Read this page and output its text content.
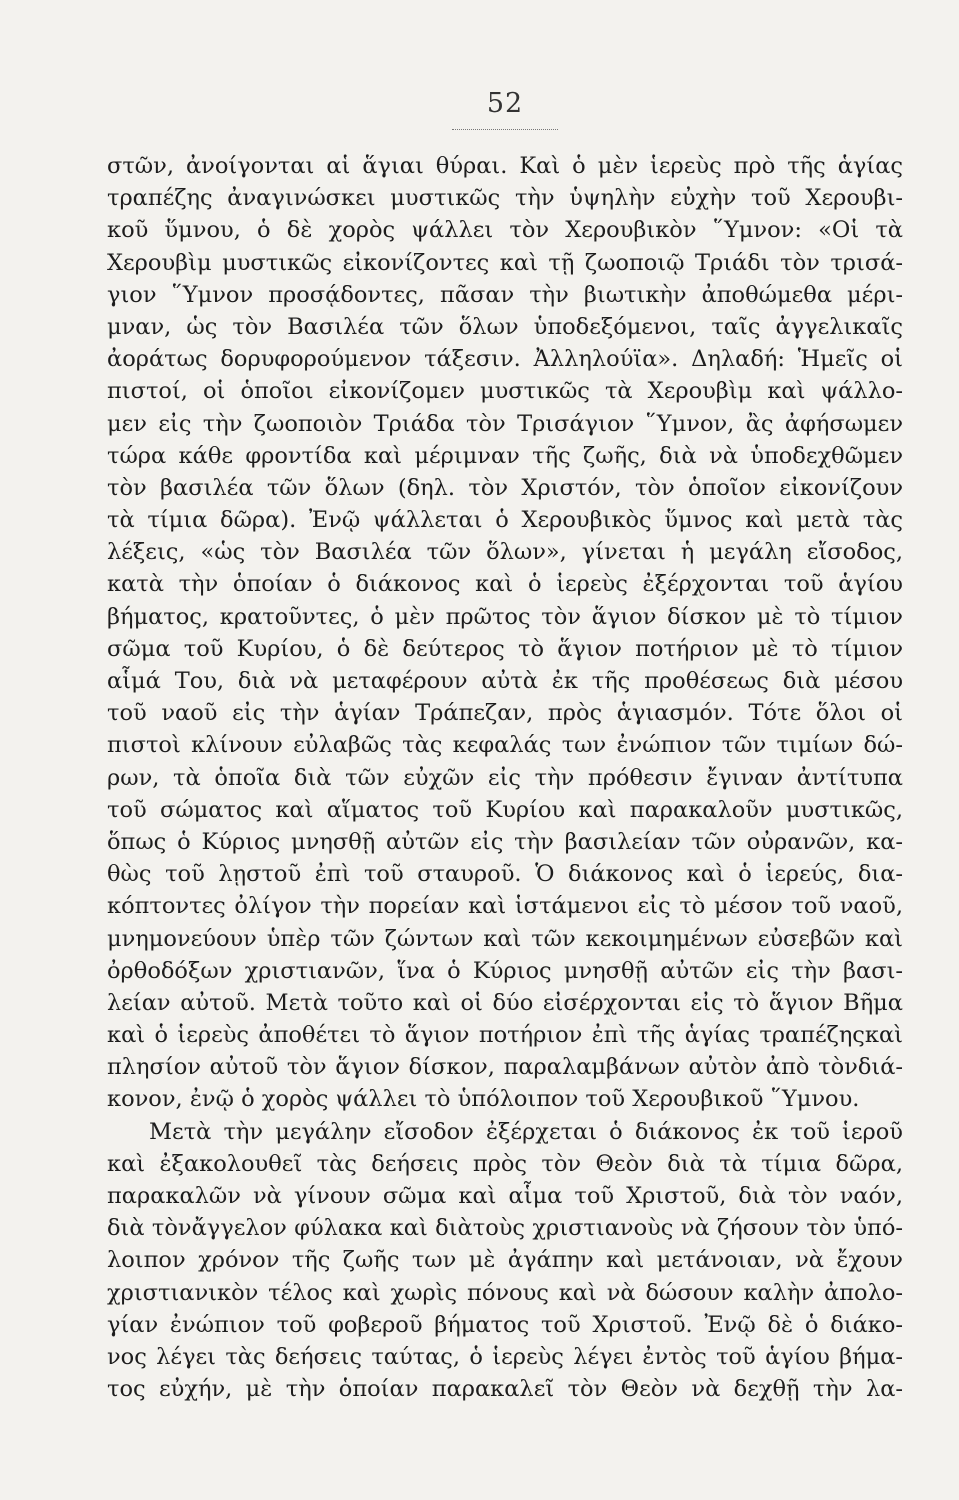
52
στῶν, ἀνοίγονται αἱ ἅγιαι θύραι. Καὶ ὁ μὲν ἱερεὺς πρὸ τῆς ἁγίας
τραπέζης ἀναγινώσκει μυστικῶς τὴν ὑψηλὴν εὐχὴν τοῦ Χερουβι-
κοῦ ὕμνου, ὁ δὲ χορὸς ψάλλει τὸν Χερουβικὸν ῞Υμνον: «Οἱ τὰ
Χερουβὶμ μυστικῶς εἰκονίζοντες καὶ τῇ ζωοποιῷ Τριάδι τὸν τρισά-
γιον ῞Υμνον προσᾴδοντες, πᾶσαν τὴν βιωτικὴν ἀποθώμεθα μέρι-
μναν, ὡς τὸν Βασιλέα τῶν ὅλων ὑποδεξόμενοι, ταῖς ἀγγελικαῖς
ἀοράτως δορυφορούμενον τάξεσιν. Ἀλληλούϊα». Δηλαδή: Ἡμεῖς οἱ
πιστοί, οἱ ὁποῖοι εἰκονίζομεν μυστικῶς τὰ Χερουβὶμ καὶ ψάλλο-
μεν εἰς τὴν ζωοποιὸν Τριάδα τὸν Τρισάγιον ῞Υμνον, ἂς ἀφήσωμεν
τώρα κάθε φροντίδα καὶ μέριμναν τῆς ζωῆς, διὰ νὰ ὑποδεχθῶμεν
τὸν βασιλέα τῶν ὅλων (δηλ. τὸν Χριστόν, τὸν ὁποῖον εἰκονίζουν
τὰ τίμια δῶρα). Ἐνῷ ψάλλεται ὁ Χερουβικὸς ὕμνος καὶ μετὰ τὰς
λέξεις, «ὡς τὸν Βασιλέα τῶν ὅλων», γίνεται ἡ μεγάλη εἴσοδος,
κατὰ τὴν ὁποίαν ὁ διάκονος καὶ ὁ ἱερεὺς ἐξέρχονται τοῦ ἁγίου
βήματος, κρατοῦντες, ὁ μὲν πρῶτος τὸν ἅγιον δίσκον μὲ τὸ τίμιον
σῶμα τοῦ Κυρίου, ὁ δὲ δεύτερος τὸ ἅγιον ποτήριον μὲ τὸ τίμιον
αἷμά Του, διὰ νὰ μεταφέρουν αὐτὰ ἐκ τῆς προθέσεως διὰ μέσου
τοῦ ναοῦ εἰς τὴν ἁγίαν Τράπεζαν, πρὸς ἁγιασμόν. Τότε ὅλοι οἱ
πιστοὶ κλίνουν εὐλαβῶς τὰς κεφαλάς των ἐνώπιον τῶν τιμίων δώ-
ρων, τὰ ὁποῖα διὰ τῶν εὐχῶν εἰς τὴν πρόθεσιν ἔγιναν ἀντίτυπα
τοῦ σώματος καὶ αἵματος τοῦ Κυρίου καὶ παρακαλοῦν μυστικῶς,
ὅπως ὁ Κύριος μνησθῇ αὐτῶν εἰς τὴν βασιλείαν τῶν οὐρανῶν, κα-
θὼς τοῦ λῃστοῦ ἐπὶ τοῦ σταυροῦ. Ὁ διάκονος καὶ ὁ ἱερεύς, δια-
κόπτοντες ὀλίγον τὴν πορείαν καὶ ἱστάμενοι εἰς τὸ μέσον τοῦ ναοῦ,
μνημονεύουν ὑπὲρ τῶν ζώντων καὶ τῶν κεκοιμημένων εὐσεβῶν καὶ
ὀρθοδόξων χριστιανῶν, ἵνα ὁ Κύριος μνησθῇ αὐτῶν εἰς τὴν βασι-
λείαν αὐτοῦ. Μετὰ τοῦτο καὶ οἱ δύο εἰσέρχονται εἰς τὸ ἅγιον Βῆμα
καὶ ὁ ἱερεὺς ἀποθέτει τὸ ἅγιον ποτήριον ἐπὶ τῆς ἁγίας τραπέζηςκαὶ
πλησίον αὐτοῦ τὸν ἅγιον δίσκον, παραλαμβάνων αὐτὸν ἀπὸ τὸνδιά-
κονον, ἐνῷ ὁ χορὸς ψάλλει τὸ ὑπόλοιπον τοῦ Χερουβικοῦ ῞Υμνου.
Μετὰ τὴν μεγάλην εἴσοδον ἐξέρχεται ὁ διάκονος ἐκ τοῦ ἱεροῦ
καὶ ἐξακολουθεῖ τὰς δεήσεις πρὸς τὸν Θεὸν διὰ τὰ τίμια δῶρα,
παρακαλῶν νὰ γίνουν σῶμα καὶ αἷμα τοῦ Χριστοῦ, διὰ τὸν ναόν,
διὰ τὸνἄγγελον φύλακα καὶ διὰτοὺς χριστιανοὺς νὰ ζήσουν τὸν ὑπό-
λοιπον χρόνον τῆς ζωῆς των μὲ ἀγάπην καὶ μετάνοιαν, νὰ ἔχουν
χριστιανικὸν τέλος καὶ χωρὶς πόνους καὶ νὰ δώσουν καλὴν ἀπολο-
γίαν ἐνώπιον τοῦ φοβεροῦ βήματος τοῦ Χριστοῦ. Ἐνῷ δὲ ὁ διάκο-
νος λέγει τὰς δεήσεις ταύτας, ὁ ἱερεὺς λέγει ἐντὸς τοῦ ἁγίου βήμα-
τος εὐχήν, μὲ τὴν ὁποίαν παρακαλεῖ τὸν Θεὸν νὰ δεχθῇ τὴν λα-
